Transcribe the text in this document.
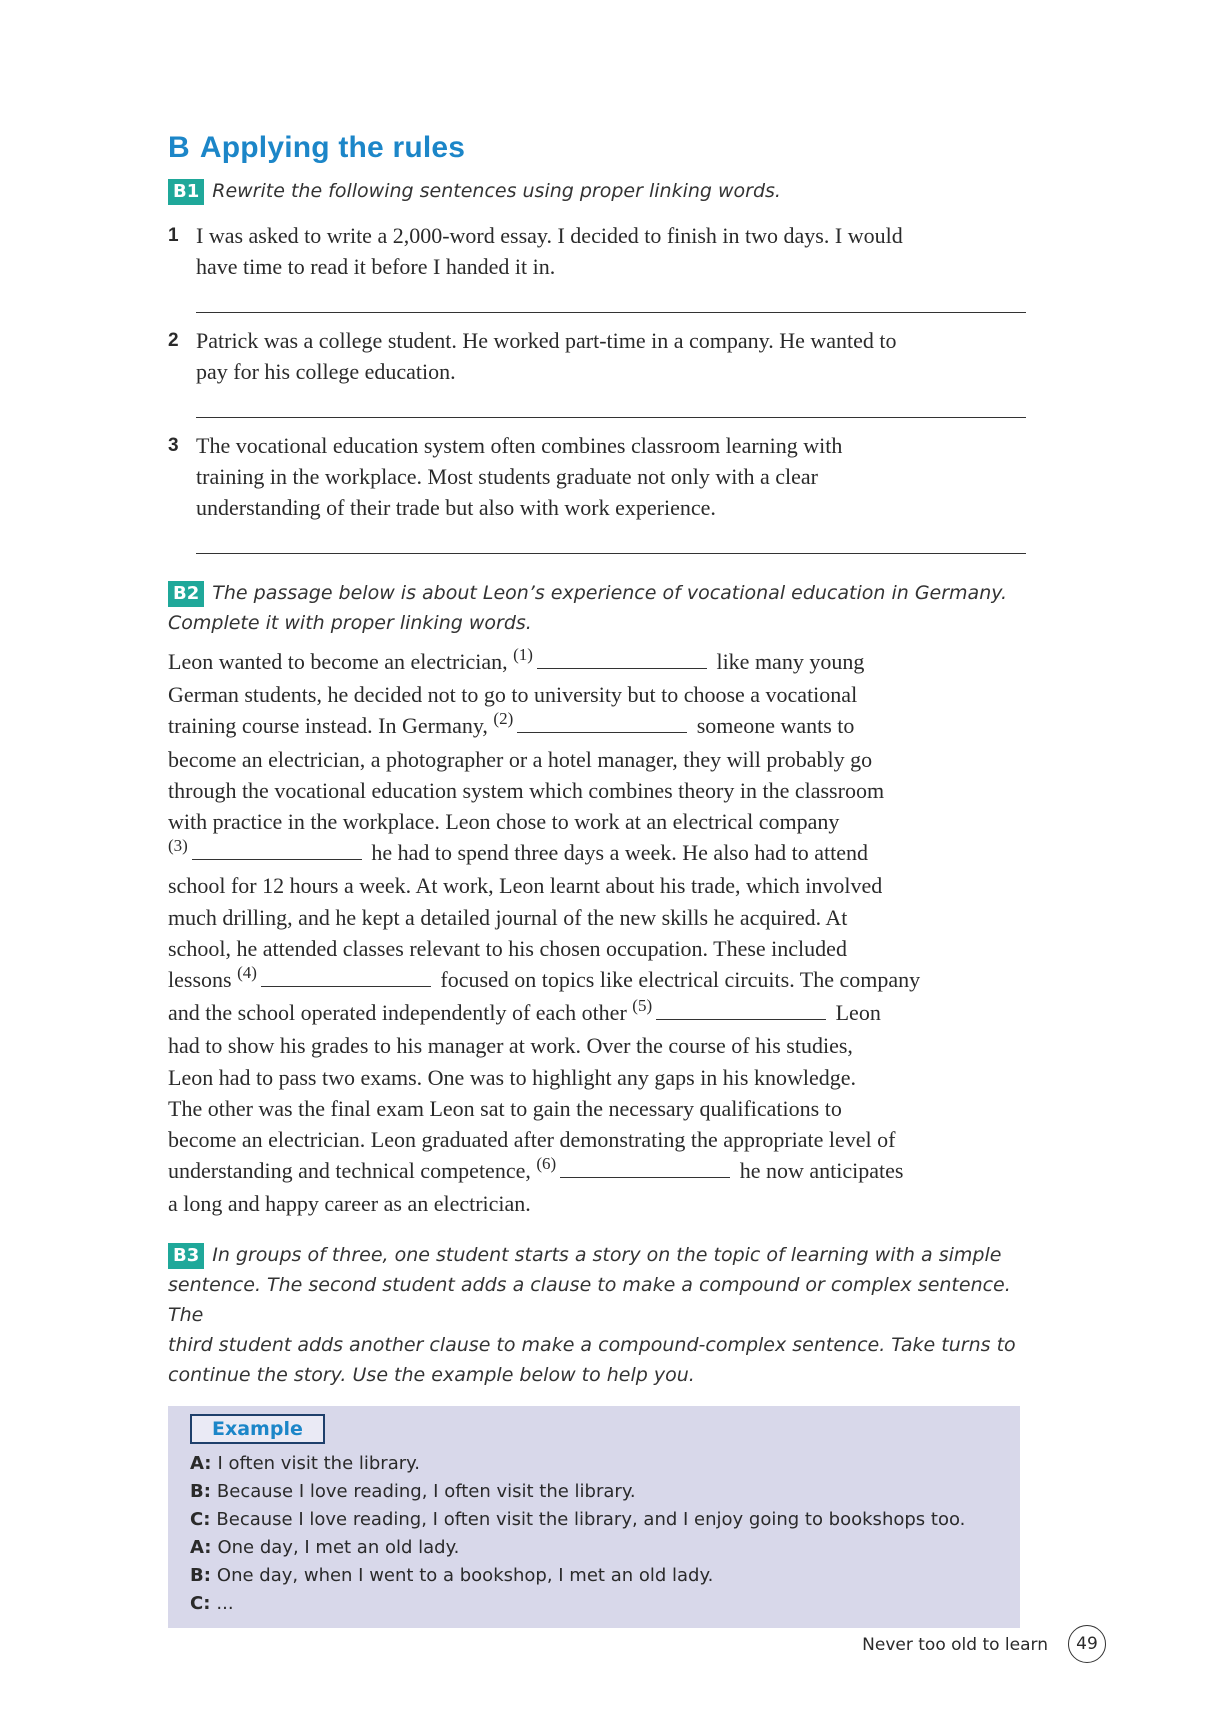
B Applying the rules
B1 Rewrite the following sentences using proper linking words.
1 I was asked to write a 2,000-word essay. I decided to finish in two days. I would
have time to read it before I handed it in.
2 Patrick was a college student. He worked part-time in a company. He wanted to
pay for his college education.
3 The vocational education system often combines classroom learning with
training in the workplace. Most students graduate not only with a clear
understanding of their trade but also with work experience.
B2 The passage below is about Leon’s experience of vocational education in Germany.
Complete it with proper linking words.
Leon wanted to become an electrician, $^{(1)}$	like many young
German students, he decided not to go to university but to choose a vocational
training course instead. In Germany, $^{(2)}$	someone wants to
become an electrician, a photographer or a hotel manager, they will probably go
through the vocational education system which combines theory in the classroom
with practice in the workplace. Leon chose to work at an electrical company
$^{(3)}$	he had to spend three days a week. He also had to attend
school for 12 hours a week. At work, Leon learnt about his trade, which involved
much drilling, and he kept a detailed journal of the new skills he acquired. At
school, he attended classes relevant to his chosen occupation. These included
lessons $^{(4)}$	focused on topics like electrical circuits. The company
and the school operated independently of each other $^{(5)}$	Leon
had to show his grades to his manager at work. Over the course of his studies,
Leon had to pass two exams. One was to highlight any gaps in his knowledge.
The other was the final exam Leon sat to gain the necessary qualifications to
become an electrician. Leon graduated after demonstrating the appropriate level of
understanding and technical competence, $^{(6)}$	he now anticipates
a long and happy career as an electrician.
B3 In groups of three, one student starts a story on the topic of learning with a simple
sentence. The second student adds a clause to make a compound or complex sentence. The
third student adds another clause to make a compound-complex sentence. Take turns to
continue the story. Use the example below to help you.
Example
A: I often visit the library.
B: Because I love reading, I often visit the library.
C: Because I love reading, I often visit the library, and I enjoy going to bookshops too.
A: One day, I met an old lady.
B: One day, when I went to a bookshop, I met an old lady.
C: ...
Never too old to learn	49
